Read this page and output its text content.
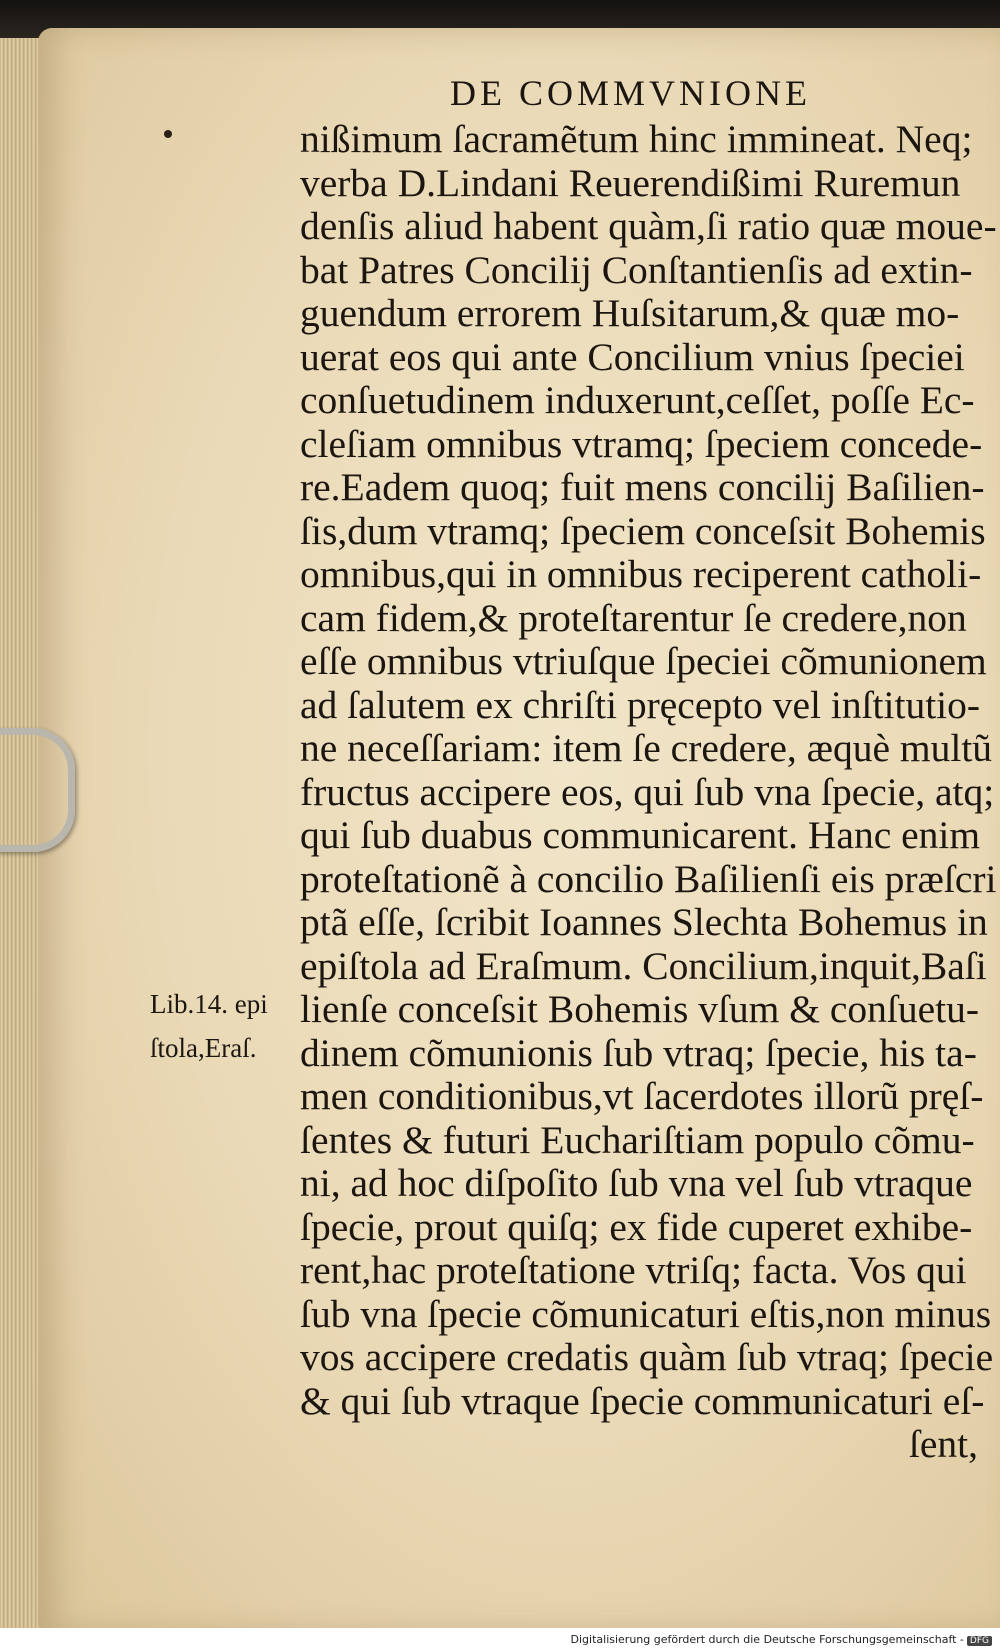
DE COMMVNIONE
nißimum ſacramẽtum hinc immineat. Neq;
verba D.Lindani Reuerendißimi Ruremun
denſis aliud habent quàm,ſi ratio quæ moue-
bat Patres Concilij Conſtantienſis ad extin-
guendum errorem Huſsitarum,& quæ mo-
uerat eos qui ante Concilium vnius ſpeciei
conſuetudinem induxerunt,ceſſet, poſſe Ec-
cleſiam omnibus vtramq; ſpeciem concede-
re.Eadem quoq; fuit mens concilij Baſilien-
ſis,dum vtramq; ſpeciem conceſsit Bohemis
omnibus,qui in omnibus reciperent catholi-
cam fidem,& proteſtarentur ſe credere,non
eſſe omnibus vtriuſque ſpeciei cõmunionem
ad ſalutem ex chriſti pręcepto vel inſtitutio-
ne neceſſariam: item ſe credere, æquè multũ
fructus accipere eos, qui ſub vna ſpecie, atq;
qui ſub duabus communicarent. Hanc enim
proteſtationẽ à concilio Baſilienſi eis præſcri
ptã eſſe, ſcribit Ioannes Slechta Bohemus in
epiſtola ad Eraſmum. Concilium,inquit,Baſi
lienſe conceſsit Bohemis vſum & conſuetu-
dinem cõmunionis ſub vtraq; ſpecie, his ta-
men conditionibus,vt ſacerdotes illorũ pręſ-
ſentes & futuri Euchariſtiam populo cõmu-
ni, ad hoc diſpoſito ſub vna vel ſub vtraque
ſpecie, prout quiſq; ex fide cuperet exhibe-
rent,hac proteſtatione vtriſq; facta. Vos qui
ſub vna ſpecie cõmunicaturi eſtis,non minus
vos accipere credatis quàm ſub vtraq; ſpecie
& qui ſub vtraque ſpecie communicaturi eſ-
ſent,
Lib.14. epi
ſtola,Eraſ.
Digitalisierung gefördert durch die Deutsche Forschungsgemeinschaft - DFG
